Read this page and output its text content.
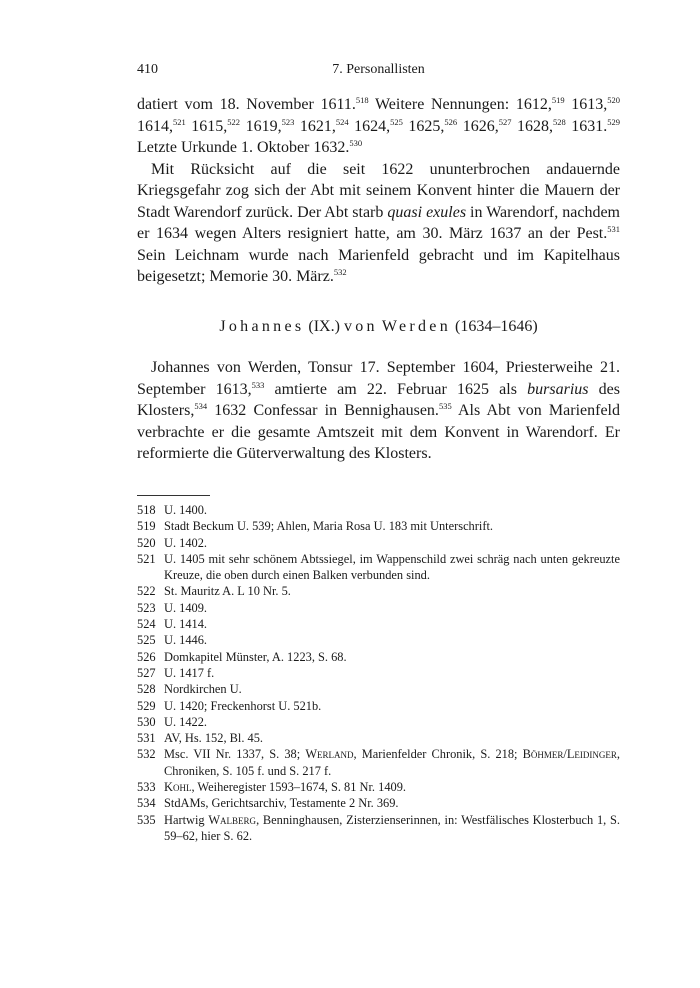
410	7. Personallisten

datiert vom 18. November 1611.$^{518}$ Weitere Nennungen: 1612,$^{519}$ 1613,$^{520}$ 1614,$^{521}$ 1615,$^{522}$ 1619,$^{523}$ 1621,$^{524}$ 1624,$^{525}$ 1625,$^{526}$ 1626,$^{527}$ 1628,$^{528}$ 1631.$^{529}$ Letzte Urkunde 1. Oktober 1632.$^{530}$

Mit Rücksicht auf die seit 1622 ununterbrochen andauernde Kriegsgefahr zog sich der Abt mit seinem Konvent hinter die Mauern der Stadt Warendorf zurück. Der Abt starb quasi exules in Warendorf, nachdem er 1634 wegen Alters resigniert hatte, am 30. März 1637 an der Pest.$^{531}$ Sein Leichnam wurde nach Marienfeld gebracht und im Kapitelhaus beigesetzt; Memorie 30. März.$^{532}$

Johannes (IX.) von Werden (1634–1646)

Johannes von Werden, Tonsur 17. September 1604, Priesterweihe 21. September 1613,$^{533}$ amtierte am 22. Februar 1625 als bursarius des Klosters,$^{534}$ 1632 Confessar in Bennighausen.$^{535}$ Als Abt von Marienfeld verbrachte er die gesamte Amtszeit mit dem Konvent in Warendorf. Er reformierte die Güterverwaltung des Klosters.

518 U. 1400.
519 Stadt Beckum U. 539; Ahlen, Maria Rosa U. 183 mit Unterschrift.
520 U. 1402.
521 U. 1405 mit sehr schönem Abtssiegel, im Wappenschild zwei schräg nach unten gekreuzte Kreuze, die oben durch einen Balken verbunden sind.
522 St. Mauritz A. L 10 Nr. 5.
523 U. 1409.
524 U. 1414.
525 U. 1446.
526 Domkapitel Münster, A. 1223, S. 68.
527 U. 1417 f.
528 Nordkirchen U.
529 U. 1420; Freckenhorst U. 521b.
530 U. 1422.
531 AV, Hs. 152, Bl. 45.
532 Msc. VII Nr. 1337, S. 38; Werland, Marienfelder Chronik, S. 218; Böhmer/Leidinger, Chroniken, S. 105 f. und S. 217 f.
533 Kohl, Weiheregister 1593–1674, S. 81 Nr. 1409.
534 StdAMs, Gerichtsarchiv, Testamente 2 Nr. 369.
535 Hartwig Walberg, Benninghausen, Zisterzienserinnen, in: Westfälisches Klosterbuch 1, S. 59–62, hier S. 62.
